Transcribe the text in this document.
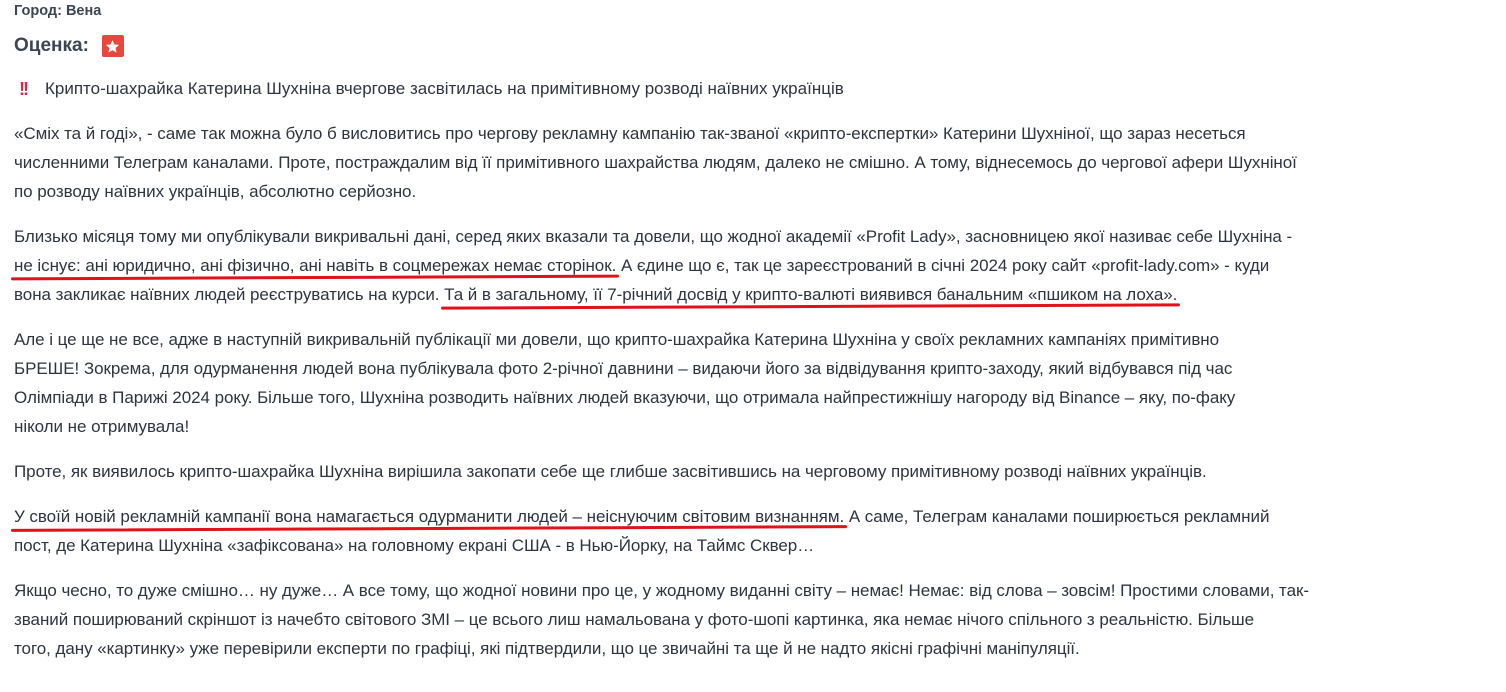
Город: Вена
Оценка:
!!	Крипто-шахрайка Катерина Шухніна вчергове засвітилась на примітивному розводі наївних українців

«Сміх та й годі», - саме так можна було б висловитись про чергову рекламну кампанію так-званої «крипто-експертки» Катерини Шухніної, що зараз несеться
численними Телеграм каналами. Проте, постраждалим від її примітивного шахрайства людям, далеко не смішно. А тому, віднесемось до чергової афери Шухніної
по розводу наївних українців, абсолютно серйозно.

Близько місяця тому ми опублікували викривальні дані, серед яких вказали та довели, що жодної академії «Profit Lady», засновницею якої називає себе Шухніна -
не існує: ані юридично, ані фізично, ані навіть в соцмережах немає сторінок. А єдине що є, так це зареєстрований в січні 2024 року сайт «profit-lady.com» - куди
вона закликає наївних людей реєструватись на курси. Та й в загальному, її 7-річний досвід у крипто-валюті виявився банальним «пшиком на лоха».

Але і це ще не все, адже в наступній викривальній публікації ми довели, що крипто-шахрайка Катерина Шухніна у своїх рекламних кампаніях примітивно
БРЕШЕ! Зокрема, для одурманення людей вона публікувала фото 2-річної давнини – видаючи його за відвідування крипто-заходу, який відбувався під час
Олімпіади в Парижі 2024 року. Більше того, Шухніна розводить наївних людей вказуючи, що отримала найпрестижнішу нагороду від Binance – яку, по-факу
ніколи не отримувала!

Проте, як виявилось крипто-шахрайка Шухніна вирішила закопати себе ще глибше засвітившись на черговому примітивному розводі наївних українців.

У своїй новій рекламній кампанії вона намагається одурманити людей – неіснуючим світовим визнанням. А саме, Телеграм каналами поширюється рекламний
пост, де Катерина Шухніна «зафіксована» на головному екрані США - в Нью-Йорку, на Таймс Сквер…

Якщо чесно, то дуже смішно… ну дуже… А все тому, що жодної новини про це, у жодному виданні світу – немає! Немає: від слова – зовсім! Простими словами, так-
званий поширюваний скріншот із начебто світового ЗМІ – це всього лиш намальована у фото-шопі картинка, яка немає нічого спільного з реальністю. Більше
того, дану «картинку» уже перевірили експерти по графіці, які підтвердили, що це звичайні та ще й не надто якісні графічні маніпуляції.
